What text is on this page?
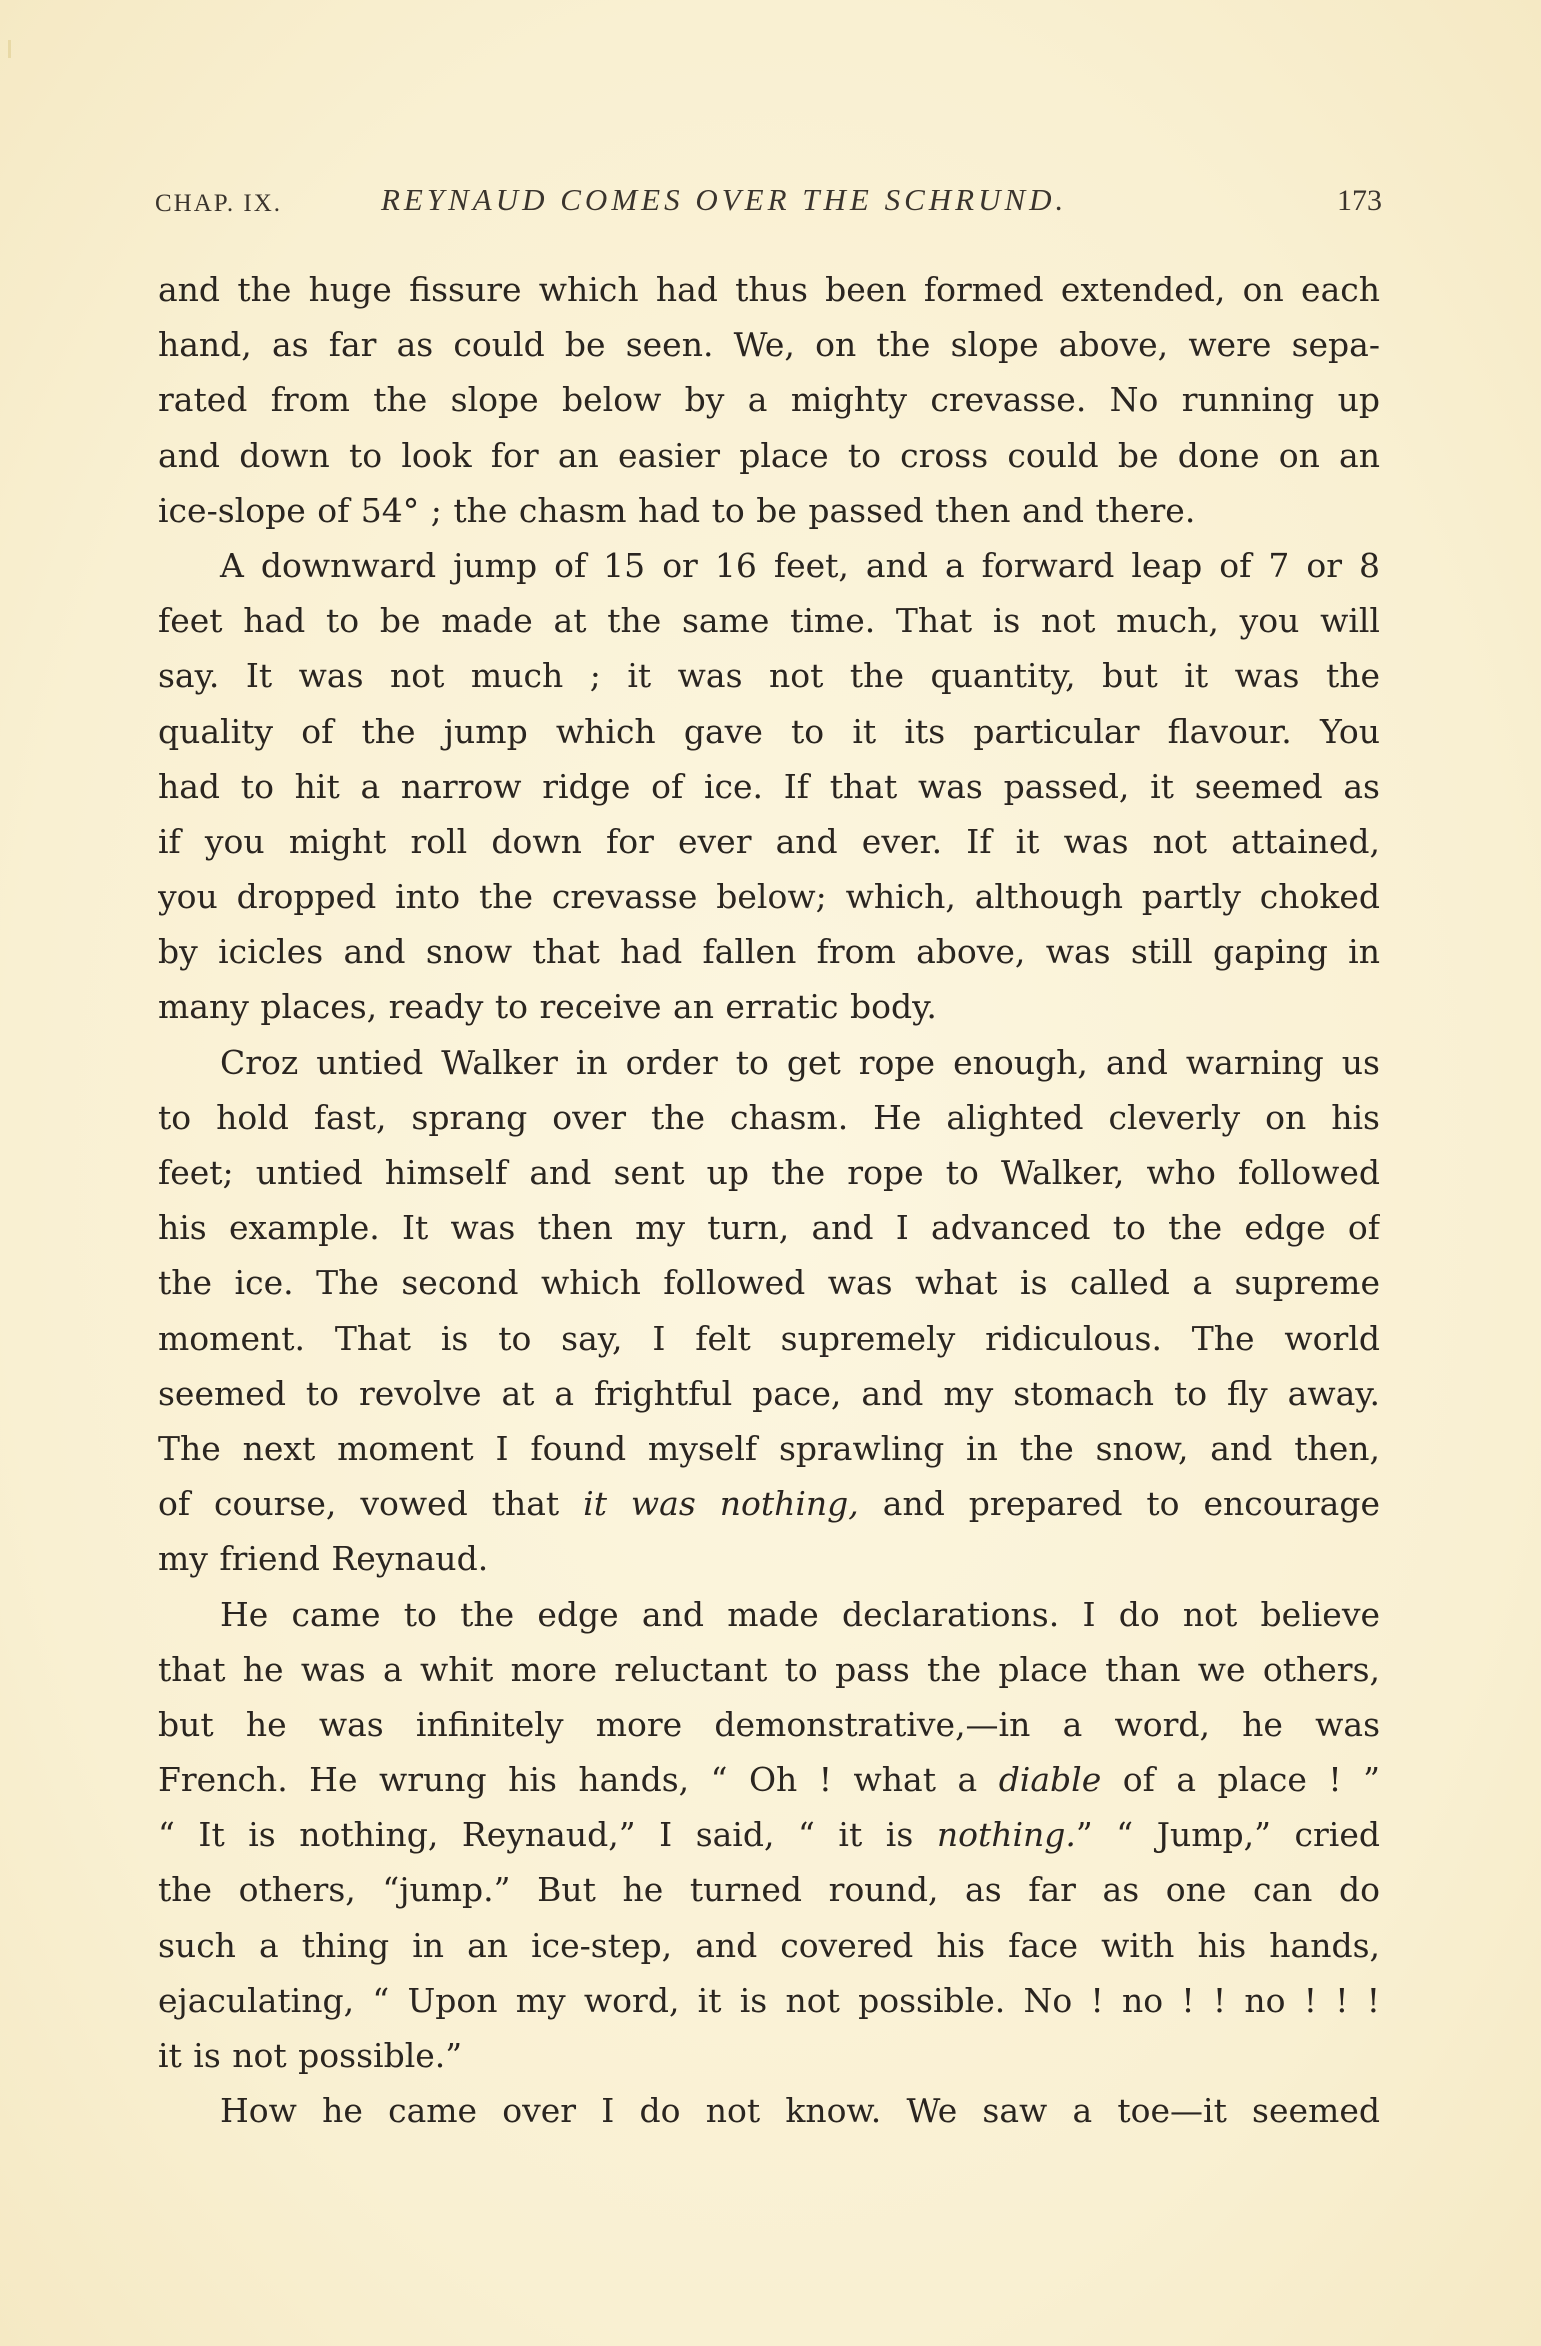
CHAP. IX.	REYNAUD COMES OVER THE SCHRUND.	173
and the huge fissure which had thus been formed extended, on each
hand, as far as could be seen. We, on the slope above, were sepa-
rated from the slope below by a mighty crevasse. No running up
and down to look for an easier place to cross could be done on an
ice-slope of 54° ; the chasm had to be passed then and there.
A downward jump of 15 or 16 feet, and a forward leap of 7 or 8
feet had to be made at the same time. That is not much, you will
say. It was not much ; it was not the quantity, but it was the
quality of the jump which gave to it its particular flavour. You
had to hit a narrow ridge of ice. If that was passed, it seemed as
if you might roll down for ever and ever. If it was not attained,
you dropped into the crevasse below; which, although partly choked
by icicles and snow that had fallen from above, was still gaping in
many places, ready to receive an erratic body.
Croz untied Walker in order to get rope enough, and warning us
to hold fast, sprang over the chasm. He alighted cleverly on his
feet; untied himself and sent up the rope to Walker, who followed
his example. It was then my turn, and I advanced to the edge of
the ice. The second which followed was what is called a supreme
moment. That is to say, I felt supremely ridiculous. The world
seemed to revolve at a frightful pace, and my stomach to fly away.
The next moment I found myself sprawling in the snow, and then,
of course, vowed that it was nothing, and prepared to encourage
my friend Reynaud.
He came to the edge and made declarations. I do not believe
that he was a whit more reluctant to pass the place than we others,
but he was infinitely more demonstrative,—in a word, he was
French. He wrung his hands, “ Oh ! what a diable of a place ! ”
“ It is nothing, Reynaud,” I said, “ it is nothing.” “ Jump,” cried
the others, “jump.” But he turned round, as far as one can do
such a thing in an ice-step, and covered his face with his hands,
ejaculating, “ Upon my word, it is not possible. No ! no ! ! no ! ! !
it is not possible.”
How he came over I do not know. We saw a toe—it seemed
